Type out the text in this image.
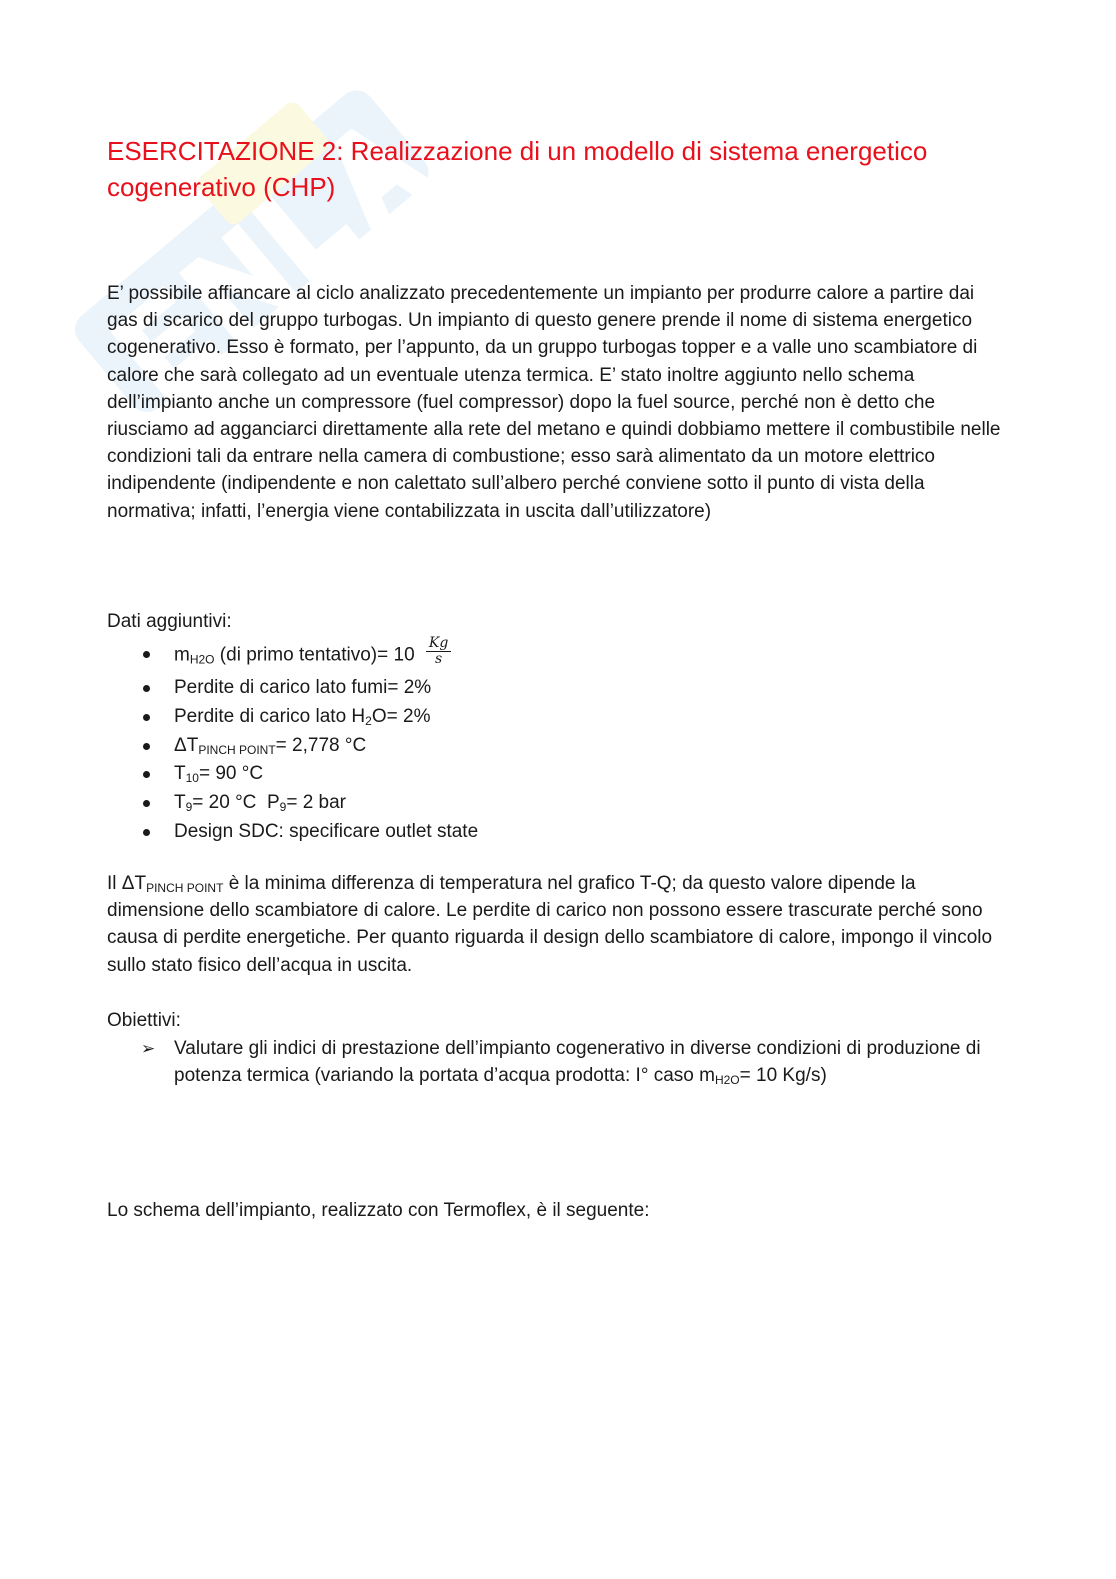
ESERCITAZIONE 2: Realizzazione di un modello di sistema energetico cogenerativo (CHP)

E’ possibile affiancare al ciclo analizzato precedentemente un impianto per produrre calore a partire dai gas di scarico del gruppo turbogas. Un impianto di questo genere prende il nome di sistema energetico cogenerativo. Esso è formato, per l’appunto, da un gruppo turbogas topper e a valle uno scambiatore di calore che sarà collegato ad un eventuale utenza termica. E’ stato inoltre aggiunto nello schema dell’impianto anche un compressore (fuel compressor) dopo la fuel source, perché non è detto che riusciamo ad agganciarci direttamente alla rete del metano e quindi dobbiamo mettere il combustibile nelle condizioni tali da entrare nella camera di combustione; esso sarà alimentato da un motore elettrico indipendente (indipendente e non calettato sull’albero perché conviene sotto il punto di vista della normativa; infatti, l’energia viene contabilizzata in uscita dall’utilizzatore)

Dati aggiuntivi:

$m_{H2O}$ (di primo tentativo)= $10 \frac{Kg}{s}$
Perdite di carico lato fumi= 2%
Perdite di carico lato $H_2O= 2\%$
$\Delta T_{PINCH POINT}= 2,778$ °C
$T_{10}= 90$ °C
$T_9= 20$ °C  $P_9= 2$ bar
Design SDC: specificare outlet state

Il $\Delta T_{PINCH POINT}$ è la minima differenza di temperatura nel grafico T-Q; da questo valore dipende la dimensione dello scambiatore di calore. Le perdite di carico non possono essere trascurate perché sono causa di perdite energetiche. Per quanto riguarda il design dello scambiatore di calore, impongo il vincolo sullo stato fisico dell’acqua in uscita.

Obiettivi:

➢ Valutare gli indici di prestazione dell’impianto cogenerativo in diverse condizioni di produzione di potenza termica (variando la portata d’acqua prodotta: I° caso $m_{H2O}= 10$ Kg/s)

Lo schema dell’impianto, realizzato con Termoflex, è il seguente:
